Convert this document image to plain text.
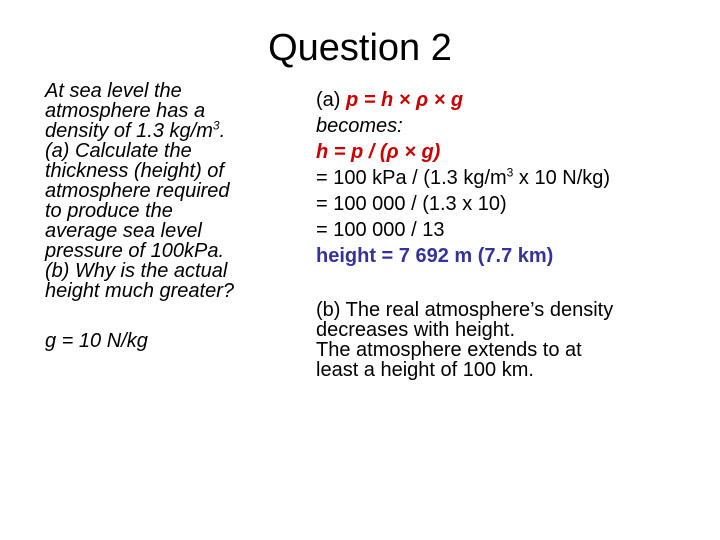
Question 2

At sea level the

atmosphere has a

density of 1.3 $kg/m^3$.

(a) Calculate the

thickness (height) of

atmosphere required

to produce the

average sea level

pressure of 100kPa.

(b) Why is the actual

height much greater?

g = 10 N/kg

(a) p = h × ρ × g
becomes:
h = p / (ρ × g)
= 100 kPa / (1.3 $kg/m^3$ x 10 N/kg)
= 100 000 / (1.3 x 10)
= 100 000 / 13
height = 7 692 m (7.7 km)
(b) The real atmosphere’s density
decreases with height.
The atmosphere extends to at
least a height of 100 km.
